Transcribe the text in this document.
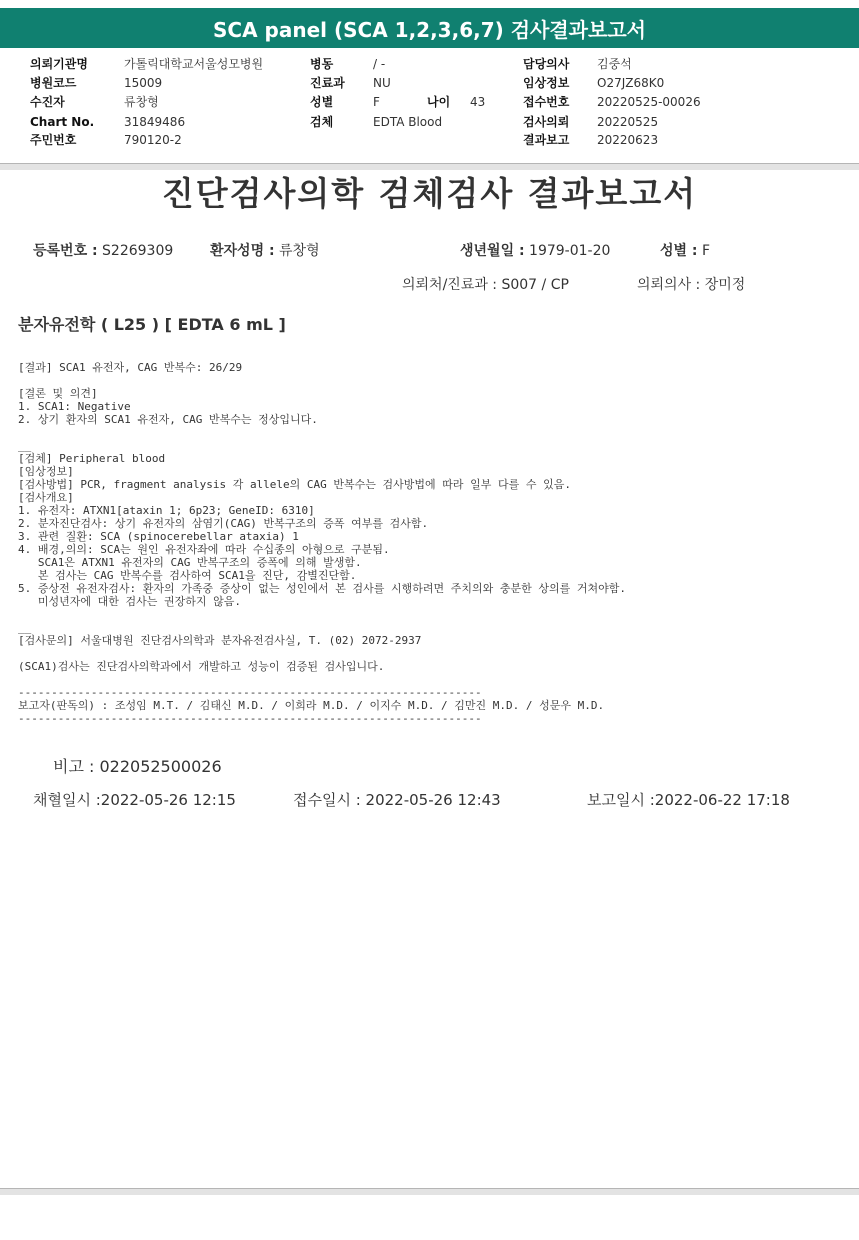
SCA panel (SCA 1,2,3,6,7) 검사결과보고서
의뢰기관명	가톨릭대학교서울성모병원	병동	/ -	담당의사 김중석
병원코드	15009	진료과 NU	임상정보 O27JZ68K0
수진자	류창형	성별	F	나이 43	접수번호 20220525-00026
Chart No. 31849486	검체	EDTA Blood	검사의뢰 20220525
주민번호	790120-2	결과보고 20220623
진단검사의학 검체검사 결과보고서
등록번호 : S2269309	환자성명 : 류창형	생년월일 : 1979-01-20	성별 : F
의뢰처/진료과 : S007 / CP	의뢰의사 : 장미정
분자유전학 ( L25 ) [ EDTA 6 mL ]
[결과] SCA1 유전자, CAG 반복수: 26/29

[결론 및 의견]
1. SCA1: Negative
2. 상기 환자의 SCA1 유전자, CAG 반복수는 정상입니다.

__
[검체] Peripheral blood
[임상정보]
[검사방법] PCR, fragment analysis 각 allele의 CAG 반복수는 검사방법에 따라 일부 다를 수 있음.
[검사개요]
1. 유전자: ATXN1[ataxin 1; 6p23; GeneID: 6310]
2. 분자진단검사: 상기 유전자의 삼염기(CAG) 반복구조의 증폭 여부를 검사함.
3. 관련 질환: SCA (spinocerebellar ataxia) 1
4. 배경,의의: SCA는 원인 유전자좌에 따라 수십종의 아형으로 구분됨.
SCA1은 ATXN1 유전자의 CAG 반복구조의 증폭에 의해 발생함.
본 검사는 CAG 반복수를 검사하여 SCA1을 진단, 감별진단함.
5. 증상전 유전자검사: 환자의 가족중 증상이 없는 성인에서 본 검사를 시행하려면 주치의와 충분한 상의를 거쳐야함.
미성년자에 대한 검사는 권장하지 않음.

__
[검사문의] 서울대병원 진단검사의학과 분자유전검사실, T. (02) 2072-2937

(SCA1)검사는 진단검사의학과에서 개발하고 성능이 검증된 검사입니다.

----------------------------------------------------------------------
보고자(판독의) : 조성임 M.T. / 김태신 M.D. / 이희라 M.D. / 이지수 M.D. / 김만진 M.D. / 성문우 M.D.
----------------------------------------------------------------------
비고 : 022052500026
채혈일시 :2022-05-26 12:15	접수일시 : 2022-05-26 12:43	보고일시 :2022-06-22 17:18
